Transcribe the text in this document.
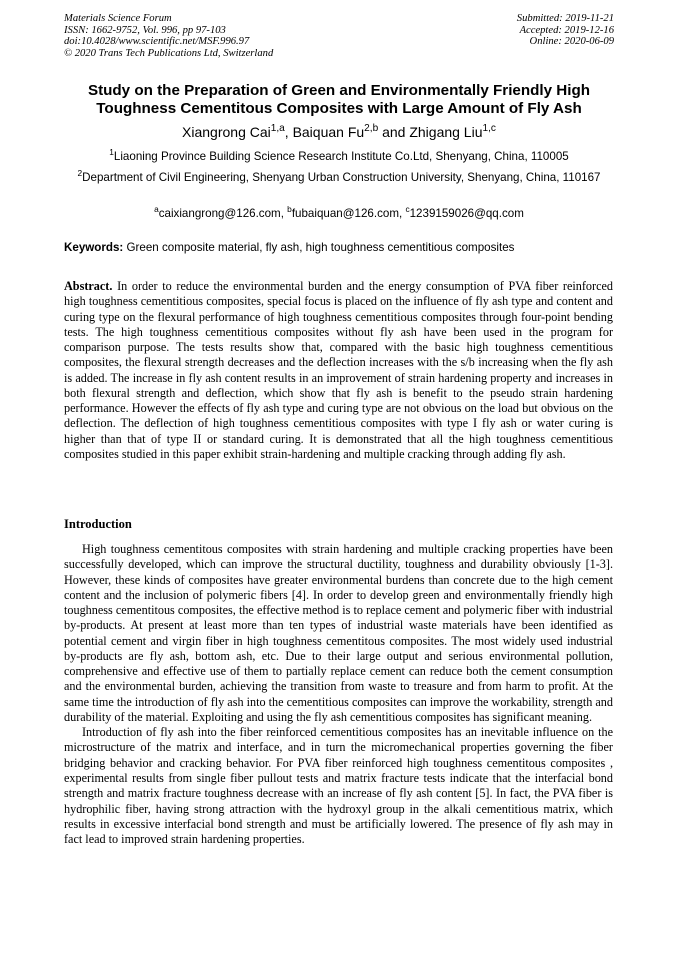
Materials Science Forum
ISSN: 1662-9752, Vol. 996, pp 97-103
doi:10.4028/www.scientific.net/MSF.996.97
© 2020 Trans Tech Publications Ltd, Switzerland
Submitted: 2019-11-21
Accepted: 2019-12-16
Online: 2020-06-09
Study on the Preparation of Green and Environmentally Friendly High Toughness Cementitous Composites with Large Amount of Fly Ash
Xiangrong Cai$^{1,a}$, Baiquan Fu$^{2,b}$ and Zhigang Liu$^{1,c}$
$^1$Liaoning Province Building Science Research Institute Co.Ltd, Shenyang, China, 110005
$^2$Department of Civil Engineering, Shenyang Urban Construction University, Shenyang, China, 110167
$^a$caixiangrong@126.com, $^b$fubaiquan@126.com, $^c$1239159026@qq.com
Keywords: Green composite material, fly ash, high toughness cementitious composites
Abstract. In order to reduce the environmental burden and the energy consumption of PVA fiber reinforced high toughness cementitious composites, special focus is placed on the influence of fly ash type and content and curing type on the flexural performance of high toughness cementitious composites through four-point bending tests. The high toughness cementitious composites without fly ash have been used in the program for comparison purpose. The tests results show that, compared with the basic high toughness cementitious composites, the flexural strength decreases and the deflection increases with the s/b increasing when the fly ash is added. The increase in fly ash content results in an improvement of strain hardening property and increases in both flexural strength and deflection, which show that fly ash is benefit to the pseudo strain hardening performance. However the effects of fly ash type and curing type are not obvious on the load but obvious on the deflection. The deflection of high toughness cementitious composites with type I fly ash or water curing is higher than that of type II or standard curing. It is demonstrated that all the high toughness cementitious composites studied in this paper exhibit strain-hardening and multiple cracking through adding fly ash.
Introduction

High toughness cementitous composites with strain hardening and multiple cracking properties have been successfully developed, which can improve the structural ductility, toughness and durability obviously [1-3]. However, these kinds of composites have greater environmental burdens than concrete due to the high cement content and the inclusion of polymeric fibers [4]. In order to develop green and environmentally friendly high toughness cementitous composites, the effective method is to replace cement and polymeric fiber with industrial by-products. At present at least more than ten types of industrial waste materials have been identified as potential cement and virgin fiber in high toughness cementitous composites. The most widely used industrial by-products are fly ash, bottom ash, etc. Due to their large output and serious environmental pollution, comprehensive and effective use of them to partially replace cement can reduce both the cement consumption and the environmental burden, achieving the transition from waste to treasure and from harm to profit. At the same time the introduction of fly ash into the cementitious composites can improve the workability, strength and durability of the material. Exploiting and using the fly ash cementitious composites has significant meaning.

Introduction of fly ash into the fiber reinforced cementitious composites has an inevitable influence on the microstructure of the matrix and interface, and in turn the micromechanical properties governing the fiber bridging behavior and cracking behavior. For PVA fiber reinforced high toughness cementitous composites , experimental results from single fiber pullout tests and matrix fracture tests indicate that the interfacial bond strength and matrix fracture toughness decrease with an increase of fly ash content [5]. In fact, the PVA fiber is hydrophilic fiber, having strong attraction with the hydroxyl group in the alkali cementitious matrix, which results in excessive interfacial bond strength and must be artificially lowered. The presence of fly ash may in fact lead to improved strain hardening properties.
